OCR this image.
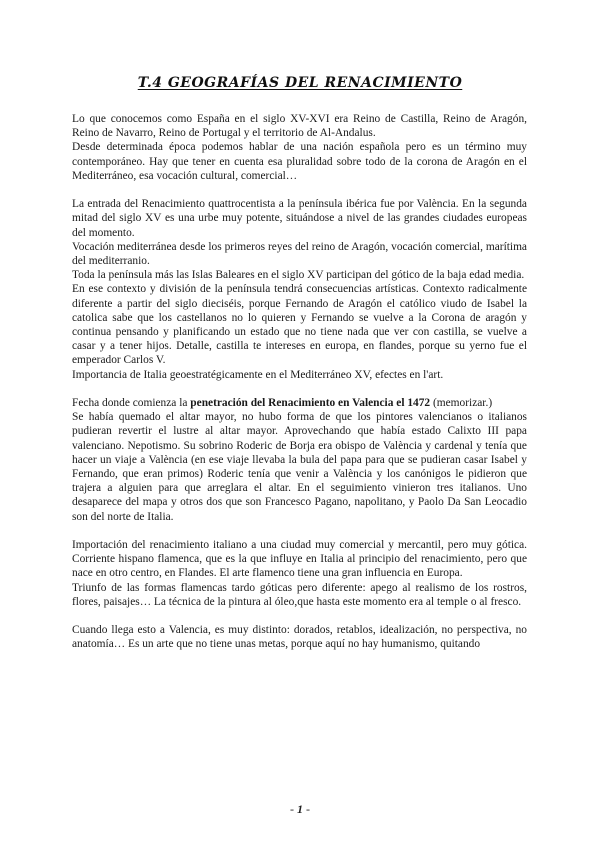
T.4 GEOGRAFÍAS DEL RENACIMIENTO

Lo que conocemos como España en el siglo XV-XVI era Reino de Castilla, Reino de Aragón, Reino de Navarro, Reino de Portugal y el territorio de Al-Andalus.

Desde determinada época podemos hablar de una nación española pero es un término muy contemporáneo. Hay que tener en cuenta esa pluralidad sobre todo de la corona de Aragón en el Mediterráneo, esa vocación cultural, comercial…

La entrada del Renacimiento quattrocentista a la península ibérica fue por València. En la segunda mitad del siglo XV es una urbe muy potente, situándose a nivel de las grandes ciudades europeas del momento.

Vocación mediterránea desde los primeros reyes del reino de Aragón, vocación comercial, marítima del mediterranio.

Toda la península más las Islas Baleares en el siglo XV participan del gótico de la baja edad media.

En ese contexto y división de la península tendrá consecuencias artísticas. Contexto radicalmente diferente a partir del siglo dieciséis, porque Fernando de Aragón el católico viudo de Isabel la catolica sabe que los castellanos no lo quieren y Fernando se vuelve a la Corona de aragón y continua pensando y planificando un estado que no tiene nada que ver con castilla, se vuelve a casar y a tener hijos. Detalle, castilla te intereses en europa, en flandes, porque su yerno fue el emperador Carlos V.

Importancia de Italia geoestratégicamente en el Mediterráneo XV, efectes en l'art.

Fecha donde comienza la penetración del Renacimiento en Valencia el 1472 (memorizar.)

Se había quemado el altar mayor, no hubo forma de que los pintores valencianos o italianos pudieran revertir el lustre al altar mayor. Aprovechando que había estado Calixto III papa valenciano. Nepotismo. Su sobrino Roderic de Borja era obispo de València y cardenal y tenía que hacer un viaje a València (en ese viaje llevaba la bula del papa para que se pudieran casar Isabel y Fernando, que eran primos) Roderic tenía que venir a València y los canónigos le pidieron que trajera a alguien para que arreglara el altar. En el seguimiento vinieron tres italianos. Uno desaparece del mapa y otros dos que son Francesco Pagano, napolitano, y Paolo Da San Leocadio son del norte de Italia.

Importación del renacimiento italiano a una ciudad muy comercial y mercantil, pero muy gótica. Corriente hispano flamenca, que es la que influye en Italia al principio del renacimiento, pero que nace en otro centro, en Flandes. El arte flamenco tiene una gran influencia en Europa.

Triunfo de las formas flamencas tardo góticas pero diferente: apego al realismo de los rostros, flores, paisajes… La técnica de la pintura al óleo,que hasta este momento era al temple o al fresco.

Cuando llega esto a Valencia, es muy distinto: dorados, retablos, idealización, no perspectiva, no anatomía… Es un arte que no tiene unas metas, porque aquí no hay humanismo, quitando

- 1 -
